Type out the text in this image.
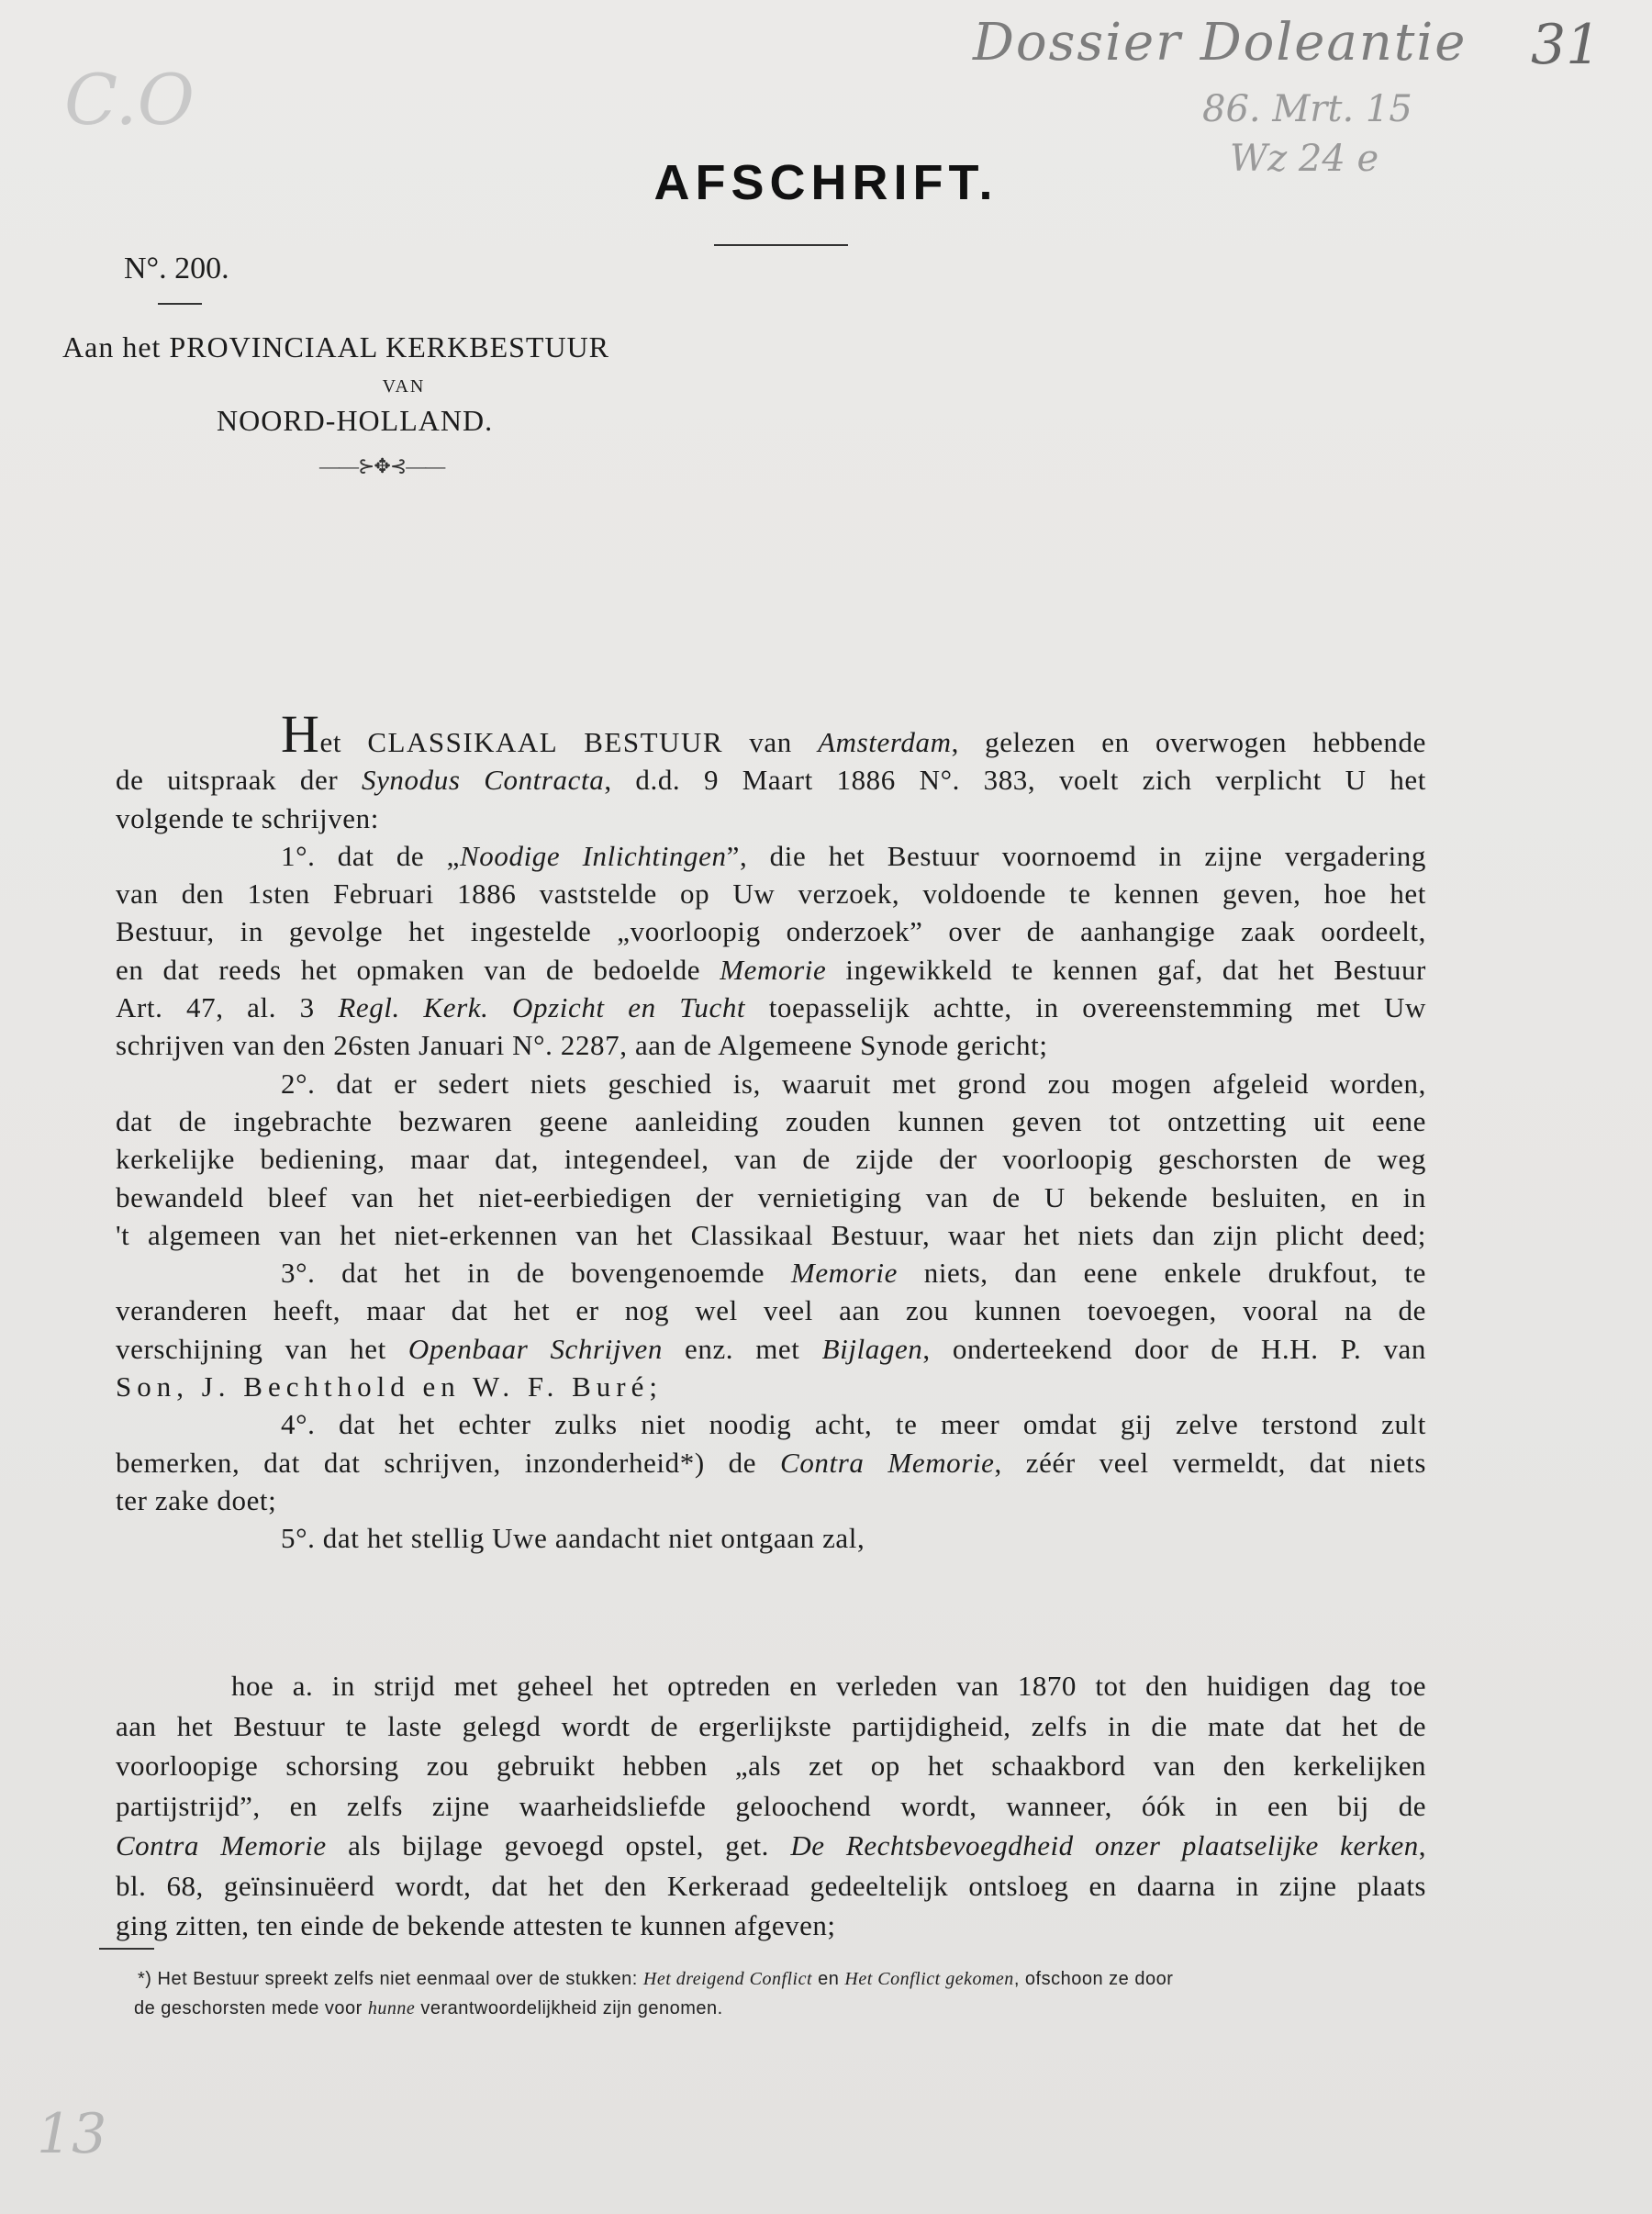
Dossier Doleantie 31
86. Mrt. 15
Wz 24 e
C.O
13
AFSCHRIFT.
N°. 200.
Aan het PROVINCIAAL KERKBESTUUR
VAN
NOORD-HOLLAND.
——⊱✥⊰——
Het CLASSIKAAL BESTUUR van Amsterdam, gelezen en overwogen hebbende
de uitspraak der Synodus Contracta, d.d. 9 Maart 1886 N°. 383, voelt zich verplicht U het
volgende te schrijven:
1°. dat de „Noodige Inlichtingen”, die het Bestuur voornoemd in zijne vergadering
van den 1sten Februari 1886 vaststelde op Uw verzoek, voldoende te kennen geven, hoe het
Bestuur, in gevolge het ingestelde „voorloopig onderzoek” over de aanhangige zaak oordeelt,
en dat reeds het opmaken van de bedoelde Memorie ingewikkeld te kennen gaf, dat het Bestuur
Art. 47, al. 3 Regl. Kerk. Opzicht en Tucht toepasselijk achtte, in overeenstemming met Uw
schrijven van den 26sten Januari N°. 2287, aan de Algemeene Synode gericht;
2°. dat er sedert niets geschied is, waaruit met grond zou mogen afgeleid worden,
dat de ingebrachte bezwaren geene aanleiding zouden kunnen geven tot ontzetting uit eene
kerkelijke bediening, maar dat, integendeel, van de zijde der voorloopig geschorsten de weg
bewandeld bleef van het niet-eerbiedigen der vernietiging van de U bekende besluiten, en in
't algemeen van het niet-erkennen van het Classikaal Bestuur, waar het niets dan zijn plicht deed;
3°. dat het in de bovengenoemde Memorie niets, dan eene enkele drukfout, te
veranderen heeft, maar dat het er nog wel veel aan zou kunnen toevoegen, vooral na de
verschijning van het Openbaar Schrijven enz. met Bijlagen, onderteekend door de H.H. P. van
Son, J. Bechthold en W. F. Buré;
4°. dat het echter zulks niet noodig acht, te meer omdat gij zelve terstond zult
bemerken, dat dat schrijven, inzonderheid*) de Contra Memorie, zéér veel vermeldt, dat niets
ter zake doet;
5°. dat het stellig Uwe aandacht niet ontgaan zal,
hoe a. in strijd met geheel het optreden en verleden van 1870 tot den huidigen dag toe
aan het Bestuur te laste gelegd wordt de ergerlijkste partijdigheid, zelfs in die mate dat het de
voorloopige schorsing zou gebruikt hebben „als zet op het schaakbord van den kerkelijken
partijstrijd”, en zelfs zijne waarheidsliefde geloochend wordt, wanneer, óók in een bij de
Contra Memorie als bijlage gevoegd opstel, get. De Rechtsbevoegdheid onzer plaatselijke kerken,
bl. 68, geïnsinuëerd wordt, dat het den Kerkeraad gedeeltelijk ontsloeg en daarna in zijne plaats
ging zitten, ten einde de bekende attesten te kunnen afgeven;
*) Het Bestuur spreekt zelfs niet eenmaal over de stukken: Het dreigend Conflict en Het Conflict gekomen, ofschoon ze door
de geschorsten mede voor hunne verantwoordelijkheid zijn genomen.
